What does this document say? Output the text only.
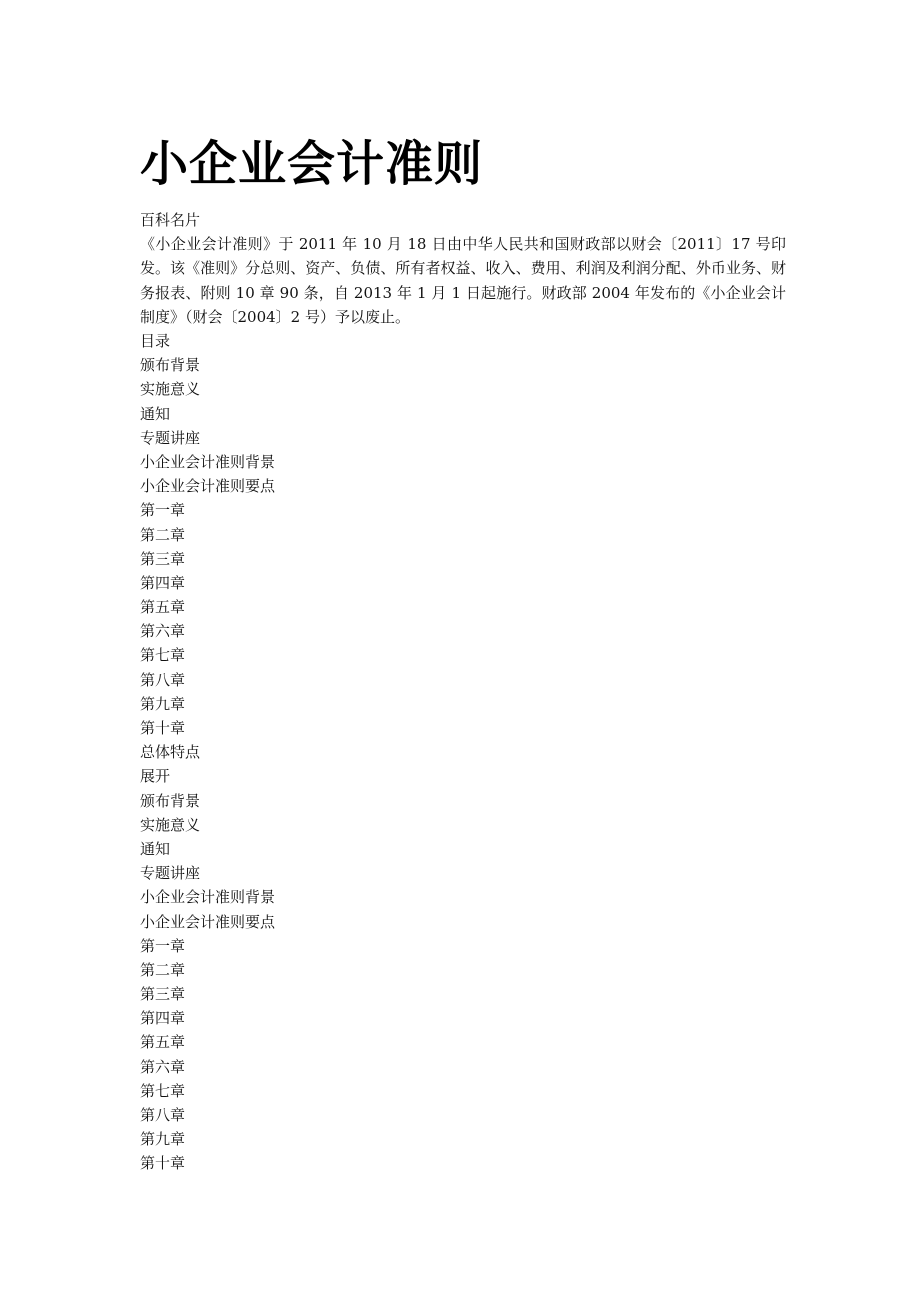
小企业会计准则
百科名片
《小企业会计准则》于 2011 年 10 月 18 日由中华人民共和国财政部以财会〔2011〕17 号印发。该《准则》分总则、资产、负债、所有者权益、收入、费用、利润及利润分配、外币业务、财务报表、附则 10 章 90 条，自 2013 年 1 月 1 日起施行。财政部 2004 年发布的《小企业会计制度》（财会〔2004〕2 号）予以废止。
目录
颁布背景
实施意义
通知
专题讲座
小企业会计准则背景
小企业会计准则要点
第一章
第二章
第三章
第四章
第五章
第六章
第七章
第八章
第九章
第十章
总体特点
展开
颁布背景
实施意义
通知
专题讲座
小企业会计准则背景
小企业会计准则要点
第一章
第二章
第三章
第四章
第五章
第六章
第七章
第八章
第九章
第十章
